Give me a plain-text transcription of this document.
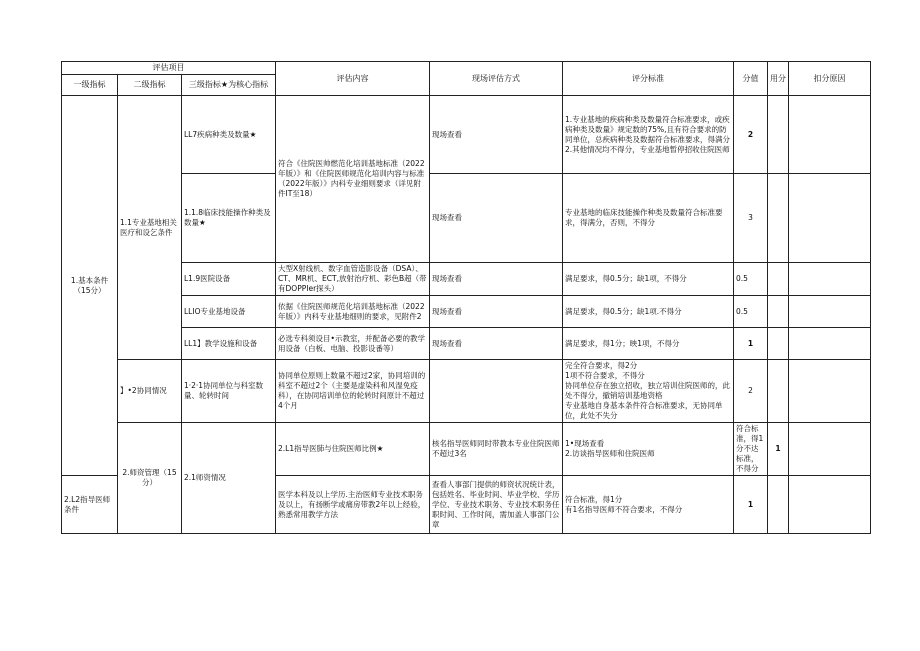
评估项目			评估内容	现场评估方式	评分标准	分值	用分	扣分原因	
一级指标	二级指标	三级指标★为核心指标							
1.基本条件（15分）	1.1专业基地相关医疗和设乞条件	LL7疾病种类及数量★	符合《住院医帅燃范化培训基地标准（2022年版）》和《住院医师规范化培训内容与标准（2022年版）》内科专业细则要求（详见附件IT至18）	现场查看	1.专业基地的疾病种类及数量符合标准要求，或疾病种类及数量》规定数的75%,且有符合要求的防同单位，总疾病种类及数据符合标准要求，得满分
2.其他情况均不得分，专业基地暂停招收住院医师	2			
		1.1.8临床技能操作种类及数量★		现场查看	专业基地的临床技能操作种类及数量符合标准要求，得满分，否则，不得分	3			
		L1.9医院设备	大型X射线机、数字血管造影设备（DSA）、CT、MR机、ECT,放射治疗机、彩色B超（带有DOPPIer探头）	现场查看	满足要求，得0.5分；缺1项，不得分	0.5			
		LLIO专业基地设备	依据《住院医师规范化培训基地标准（2022年版）》内科专业基地细则的要求，见附件2	现场查看	满足要求，得0.5分；缺1项.不得分	0.5			
		LL1】教学设施和设备	必选专科须设目•示教室，并配备必要的教学用设备（白板、电脑、投影设番等）	现场查看	满足要求，得1分；映1项，不得分	1			
	】•2协同情况	1·2·1协同单位与科室数量、轮转时间	协同单位原则上数量不超过2家，协同培训的科室不超过2个（主要是虚染科和风湿免疫科），在协同培训单位的轮转时间原计不超过4个月		完全符合要求，得2分
1项不符合要求，不得分
协同单位存在独立招收，独立培训住院医师的，此处不得分，撤销培训基地资格
专业基地自身基本条件符合标准要求，无协同单位，此处不失分	2			
	2.师资管理（15分）	2.1师资情况	2.L1指导医肺与住院医师比例★	核名指导医师同时带教本专业住院医师不超过3名	1•现场查看
2.访谈指导医师和住院医师	符合标准，得1分不达标准，不得分	1		
2.L2指导医师条件			医学本科及以上学历.主治医师专业技术职务及以上，有扬断学或痛房带教2年以上经验，熟悉常用教学方法	查看人事部门提供的师资状况统计表，包括姓名、毕业时间、毕业学校、学历学位、专业技术职务、专业技术职务任职时间、工作时间，需加盖人事部门公章	符合标准，得1分
有1名指导医师不符合要求，不得分	1			
